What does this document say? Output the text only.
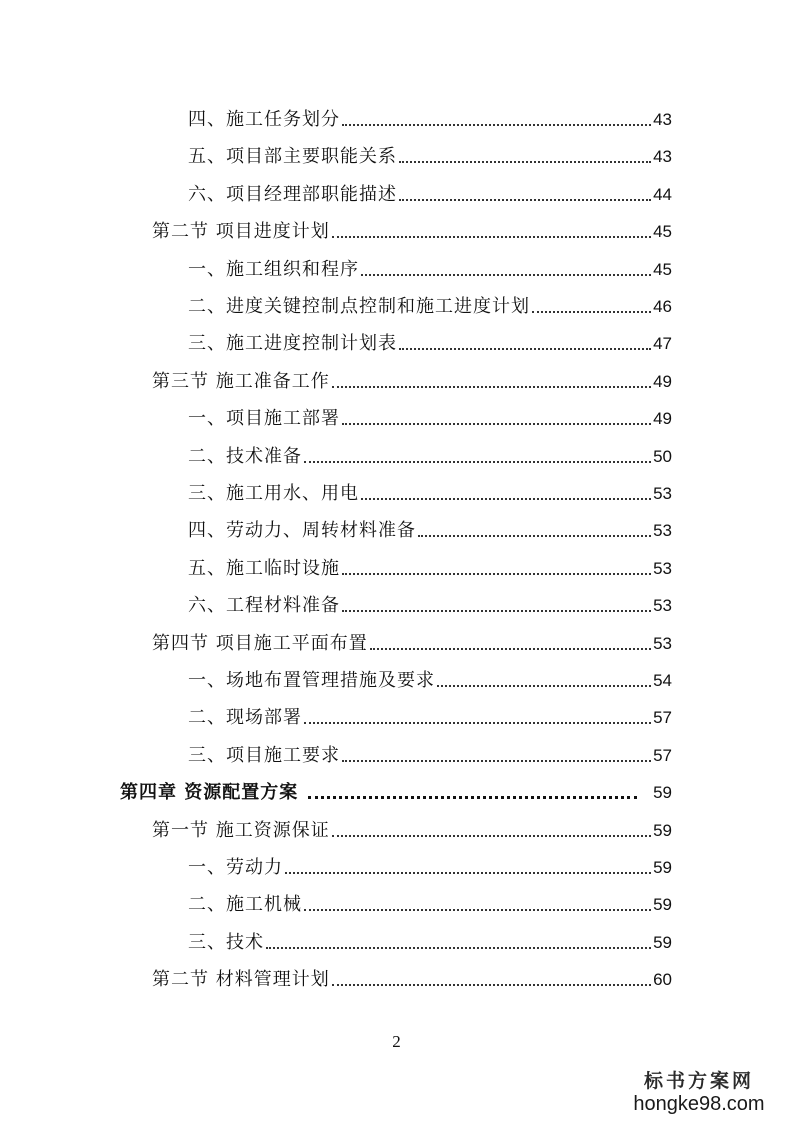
四、施工任务划分	43
五、项目部主要职能关系	43
六、项目经理部职能描述	44
第二节 项目进度计划	45
一、施工组织和程序	45
二、进度关键控制点控制和施工进度计划	46
三、施工进度控制计划表	47
第三节 施工准备工作	49
一、项目施工部署	49
二、技术准备	50
三、施工用水、用电	53
四、劳动力、周转材料准备	53
五、施工临时设施	53
六、工程材料准备	53
第四节 项目施工平面布置	53
一、场地布置管理措施及要求	54
二、现场部署	57
三、项目施工要求	57
第四章 资源配置方案	59
第一节 施工资源保证	59
一、劳动力	59
二、施工机械	59
三、技术	59
第二节 材料管理计划	60
2
标书方案网
hongke98.com
